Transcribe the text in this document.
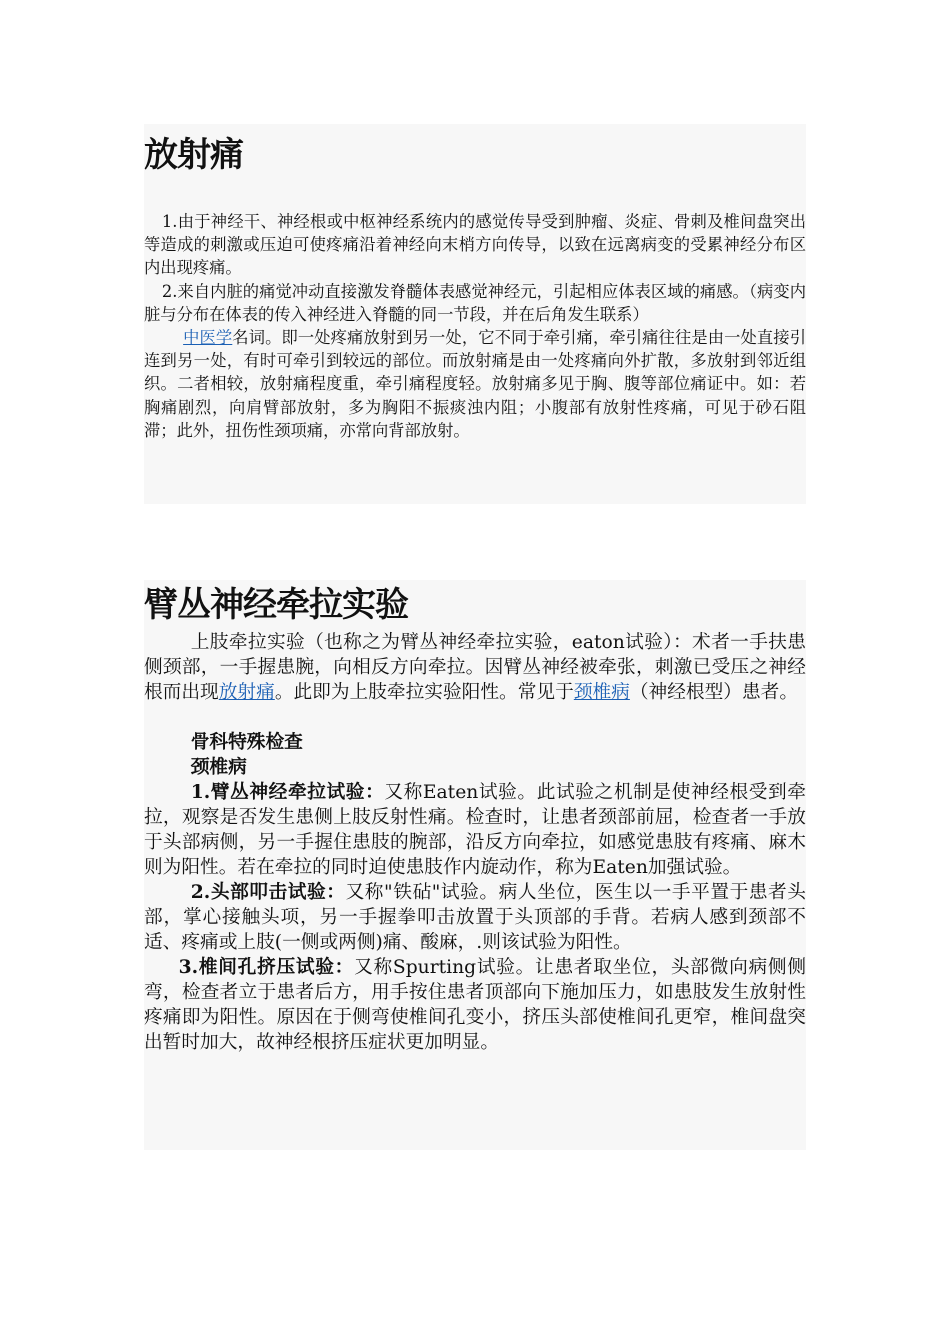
放射痛

1.由于神经干、神经根或中枢神经系统内的感觉传导受到肿瘤、炎症、骨刺及椎间盘突出等造成的刺激或压迫可使疼痛沿着神经向末梢方向传导，以致在远离病变的受累神经分布区内出现疼痛。

2.来自内脏的痛觉冲动直接激发脊髓体表感觉神经元，引起相应体表区域的痛感。（病变内脏与分布在体表的传入神经进入脊髓的同一节段，并在后角发生联系）

中医学名词。即一处疼痛放射到另一处，它不同于牵引痛，牵引痛往往是由一处直接引连到另一处，有时可牵引到较远的部位。而放射痛是由一处疼痛向外扩散，多放射到邻近组织。二者相较，放射痛程度重，牵引痛程度轻。放射痛多见于胸、腹等部位痛证中。如：若胸痛剧烈，向肩臂部放射，多为胸阳不振痰浊内阻；小腹部有放射性疼痛，可见于砂石阻滞；此外，扭伤性颈项痛，亦常向背部放射。

臂丛神经牵拉实验

上肢牵拉实验（也称之为臂丛神经牵拉实验，eaton试验）：术者一手扶患侧颈部，一手握患腕，向相反方向牵拉。因臂丛神经被牵张，刺激已受压之神经根而出现放射痛。此即为上肢牵拉实验阳性。常见于颈椎病（神经根型）患者。

骨科特殊检查

颈椎病

1.臂丛神经牵拉试验：又称Eaten试验。此试验之机制是使神经根受到牵拉，观察是否发生患侧上肢反射性痛。检查时，让患者颈部前屈，检查者一手放于头部病侧，另一手握住患肢的腕部，沿反方向牵拉，如感觉患肢有疼痛、麻木则为阳性。若在牵拉的同时迫使患肢作内旋动作，称为Eaten加强试验。

2.头部叩击试验：又称"铁砧"试验。病人坐位，医生以一手平置于患者头部，掌心接触头项，另一手握拳叩击放置于头顶部的手背。若病人感到颈部不适、疼痛或上肢(一侧或两侧)痛、酸麻，.则该试验为阳性。

3.椎间孔挤压试验：又称Spurting试验。让患者取坐位，头部微向病侧侧弯，检查者立于患者后方，用手按住患者顶部向下施加压力，如患肢发生放射性疼痛即为阳性。原因在于侧弯使椎间孔变小，挤压头部使椎间孔更窄，椎间盘突出暂时加大，故神经根挤压症状更加明显。
